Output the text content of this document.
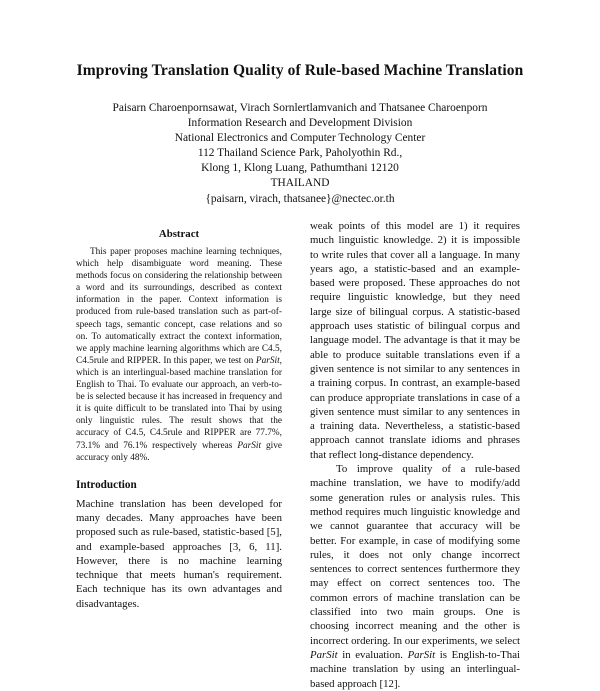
Improving Translation Quality of Rule-based Machine Translation
Paisarn Charoenpornsawat, Virach Sornlertlamvanich and Thatsanee Charoenporn
Information Research and Development Division
National Electronics and Computer Technology Center
112 Thailand Science Park, Paholyothin Rd.,
Klong 1, Klong Luang, Pathumthani 12120
THAILAND
{paisarn, virach, thatsanee}@nectec.or.th
Abstract

This paper proposes machine learning techniques, which help disambiguate word meaning. These methods focus on considering the relationship between a word and its surroundings, described as context information in the paper. Context information is produced from rule-based translation such as part-of-speech tags, semantic concept, case relations and so on. To automatically extract the context information, we apply machine learning algorithms which are C4.5, C4.5rule and RIPPER. In this paper, we test on ParSit, which is an interlingual-based machine translation for English to Thai. To evaluate our approach, an verb-to-be is selected because it has increased in frequency and it is quite difficult to be translated into Thai by using only linguistic rules. The result shows that the accuracy of C4.5, C4.5rule and RIPPER are 77.7%, 73.1% and 76.1% respectively whereas ParSit give accuracy only 48%.

Introduction

Machine translation has been developed for many decades. Many approaches have been proposed such as rule-based, statistic-based [5], and example-based approaches [3, 6, 11]. However, there is no machine learning technique that meets human's requirement. Each technique has its own advantages and disadvantages.

weak points of this model are 1) it requires much linguistic knowledge. 2) it is impossible to write rules that cover all a language. In many years ago, a statistic-based and an example-based were proposed. These approaches do not require linguistic knowledge, but they need large size of bilingual corpus. A statistic-based approach uses statistic of bilingual corpus and language model. The advantage is that it may be able to produce suitable translations even if a given sentence is not similar to any sentences in a training corpus. In contrast, an example-based can produce appropriate translations in case of a given sentence must similar to any sentences in a training data. Nevertheless, a statistic-based approach cannot translate idioms and phrases that reflect long-distance dependency.

To improve quality of a rule-based machine translation, we have to modify/add some generation rules or analysis rules. This method requires much linguistic knowledge and we cannot guarantee that accuracy will be better. For example, in case of modifying some rules, it does not only change incorrect sentences to correct sentences furthermore they may effect on correct sentences too. The common errors of machine translation can be classified into two main groups. One is choosing incorrect meaning and the other is incorrect ordering. In our experiments, we select ParSit in evaluation. ParSit is English-to-Thai machine translation by using an interlingual-based approach [12].
